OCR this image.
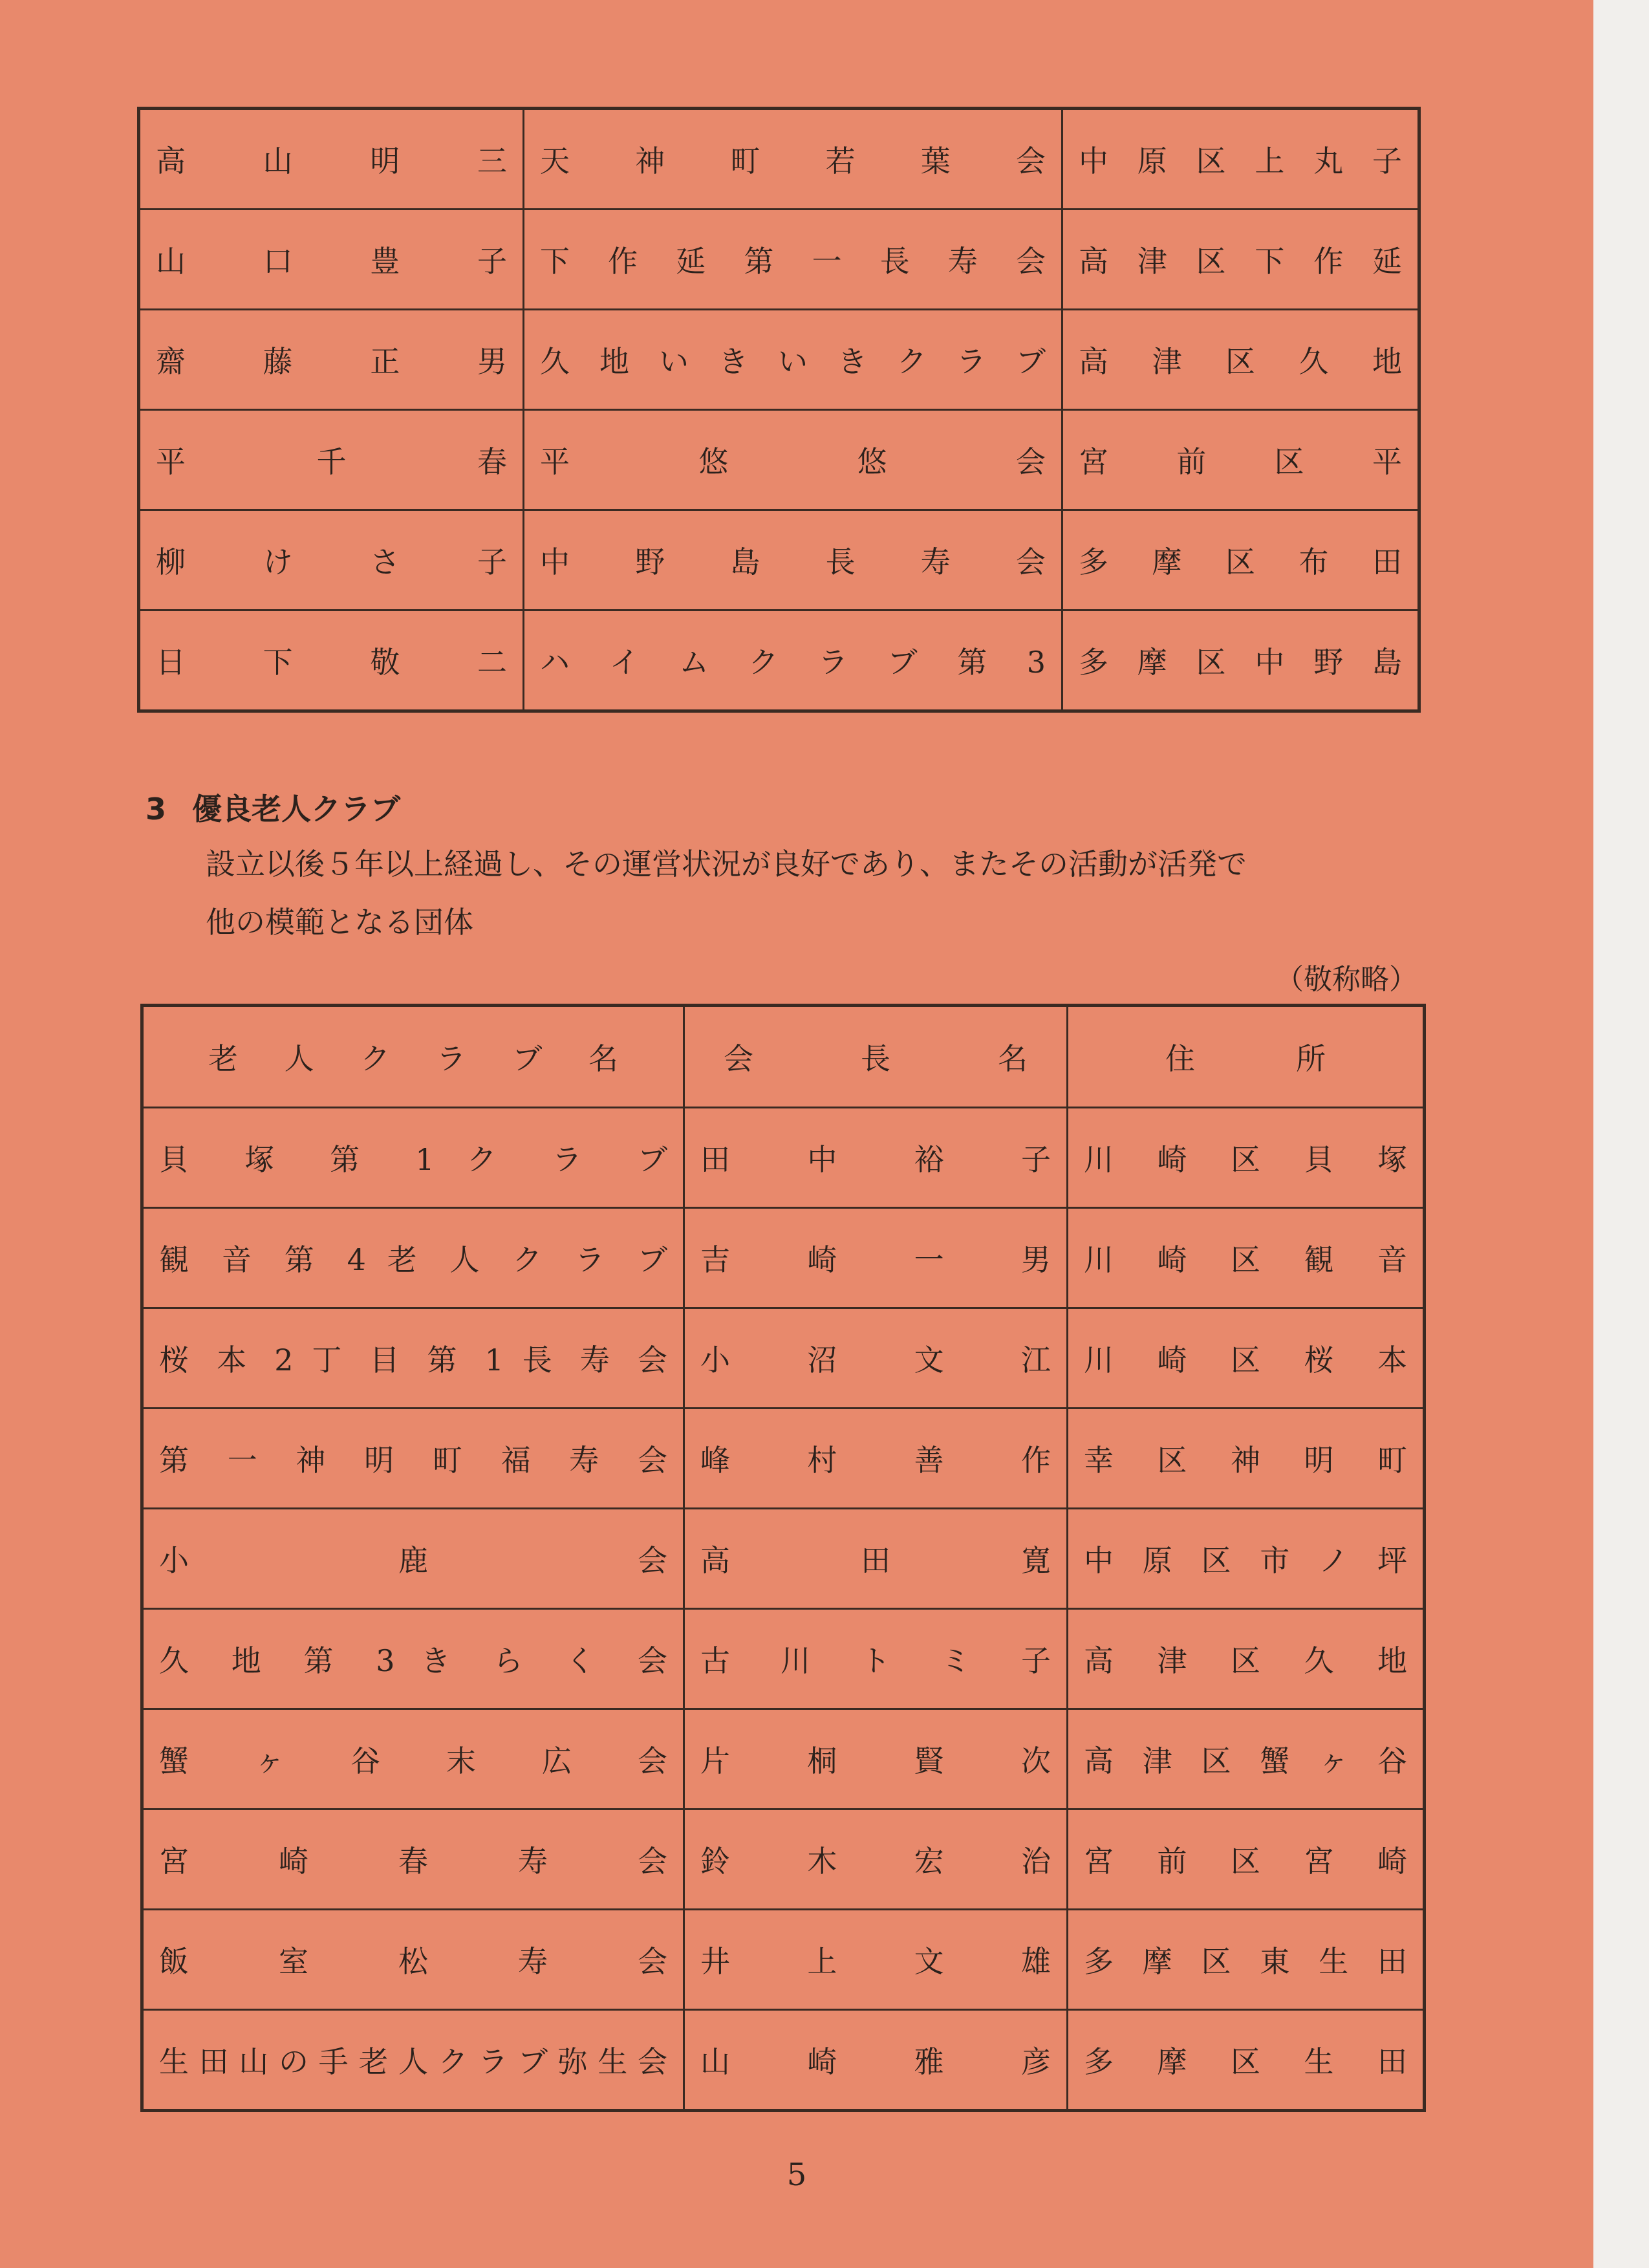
高 山 明 三	天 神 町 若 葉 会	中 原 区 上 丸 子
山 口 豊 子	下 作 延 第 一 長 寿 会	高 津 区 下 作 延
齋 藤 正 男	久 地 い き い き ク ラ ブ	高 津 区 久 地
平 千 春	平 悠 悠 会	宮 前 区 平
柳 け さ 子	中 野 島 長 寿 会	多 摩 区 布 田
日 下 敬 二	ハ イ ム ク ラ ブ 第 3	多 摩 区 中 野 島
3 優良老人クラブ
設立以後５年以上経過し、その運営状況が良好であり、またその活動が活発で
他の模範となる団体
（敬称略）
老 人 ク ラ ブ 名	会 長 名	住 所
貝 塚 第 1 ク ラ ブ	田 中 裕 子	川 崎 区 貝 塚
観 音 第 4 老 人 ク ラ ブ	吉 崎 一 男	川 崎 区 観 音
桜 本 2 丁 目 第 1 長 寿 会	小 沼 文 江	川 崎 区 桜 本
第 一 神 明 町 福 寿 会	峰 村 善 作	幸 区 神 明 町
小 鹿 会	高 田 寛	中 原 区 市 ノ 坪
久 地 第 3 き ら く 会	古 川 ト ミ 子	高 津 区 久 地
蟹 ヶ 谷 末 広 会	片 桐 賢 次	高 津 区 蟹 ヶ 谷
宮 崎 春 寿 会	鈴 木 宏 治	宮 前 区 宮 崎
飯 室 松 寿 会	井 上 文 雄	多 摩 区 東 生 田
生 田 山 の 手 老 人 ク ラ ブ 弥 生 会	山 崎 雅 彦	多 摩 区 生 田
5
